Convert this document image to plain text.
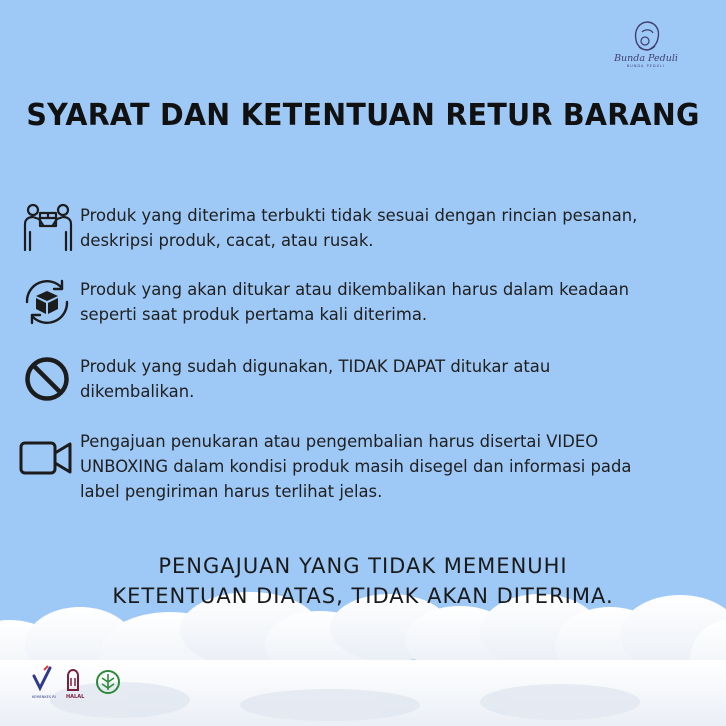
Bunda Peduli
BUNDA PEDULI
SYARAT DAN KETENTUAN RETUR BARANG
Produk yang diterima terbukti tidak sesuai dengan rincian pesanan,
deskripsi produk, cacat, atau rusak.
Produk yang akan ditukar atau dikembalikan harus dalam keadaan
seperti saat produk pertama kali diterima.
Produk yang sudah digunakan, TIDAK DAPAT ditukar atau
dikembalikan.
Pengajuan penukaran atau pengembalian harus disertai VIDEO
UNBOXING dalam kondisi produk masih disegel dan informasi pada
label pengiriman harus terlihat jelas.
PENGAJUAN YANG TIDAK MEMENUHI
KETENTUAN DIATAS, TIDAK AKAN DITERIMA.
KEMENKES RI HALAL
